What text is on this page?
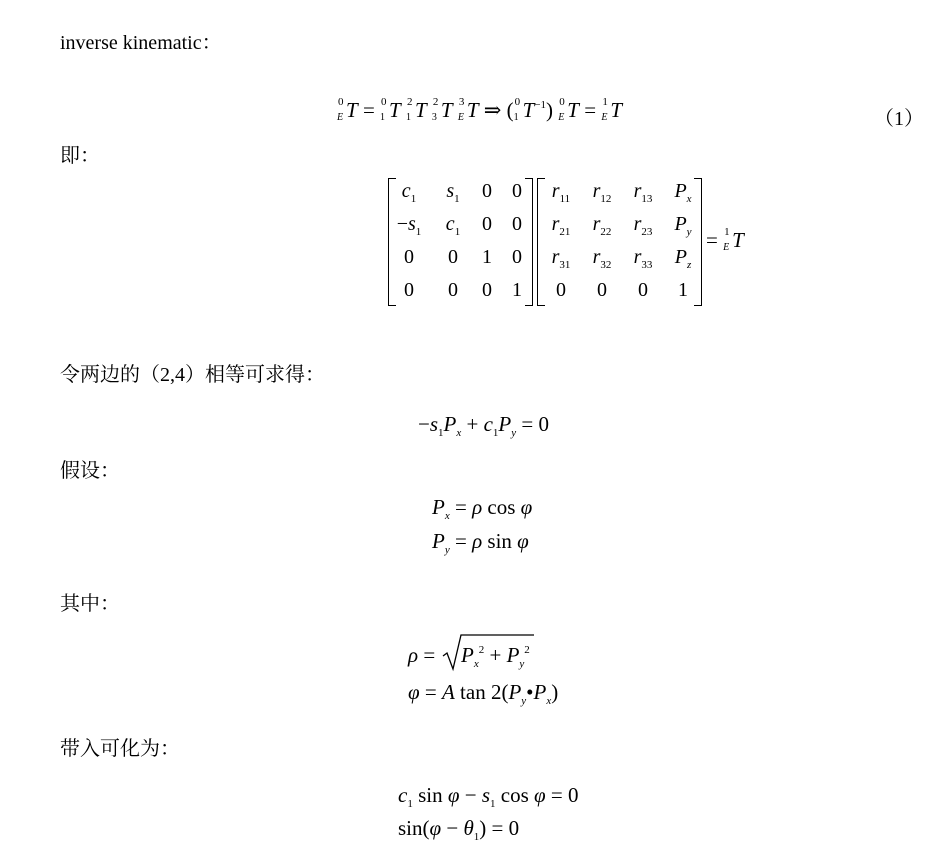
inverse kinematic：
0
E T = 0
1 T 2
1 T 2
3 T 3
E T ⇒ ( 0
1 $T^{-1}$) 0
E T = 1
E T	（1）
即：
$c_1$	$s_1$	0	0
$-s_1$	$c_1$	0	0
0	0	1	0
0	0	0	1
$r_{11}$	$r_{12}$	$r_{13}$	$P_x$
$r_{21}$	$r_{22}$	$r_{23}$	$P_y$
$r_{31}$	$r_{32}$	$r_{33}$	$P_z$
0	0	0	1
= 1
E T
令两边的（2,4）相等可求得：
$-s_1P_x + c_1P_y = 0$
假设：
$P_x = \rho$ cos φ
$P_y = \rho$ sin φ
其中：
$\rho = P_x^2 + P_y^2$
φ = A $\tan 2(P_y•P_x)$
带入可化为：
$c_1$ $\sin \varphi - s_1$ cos φ = 0
$\sin(\varphi - \theta_1) = 0$
